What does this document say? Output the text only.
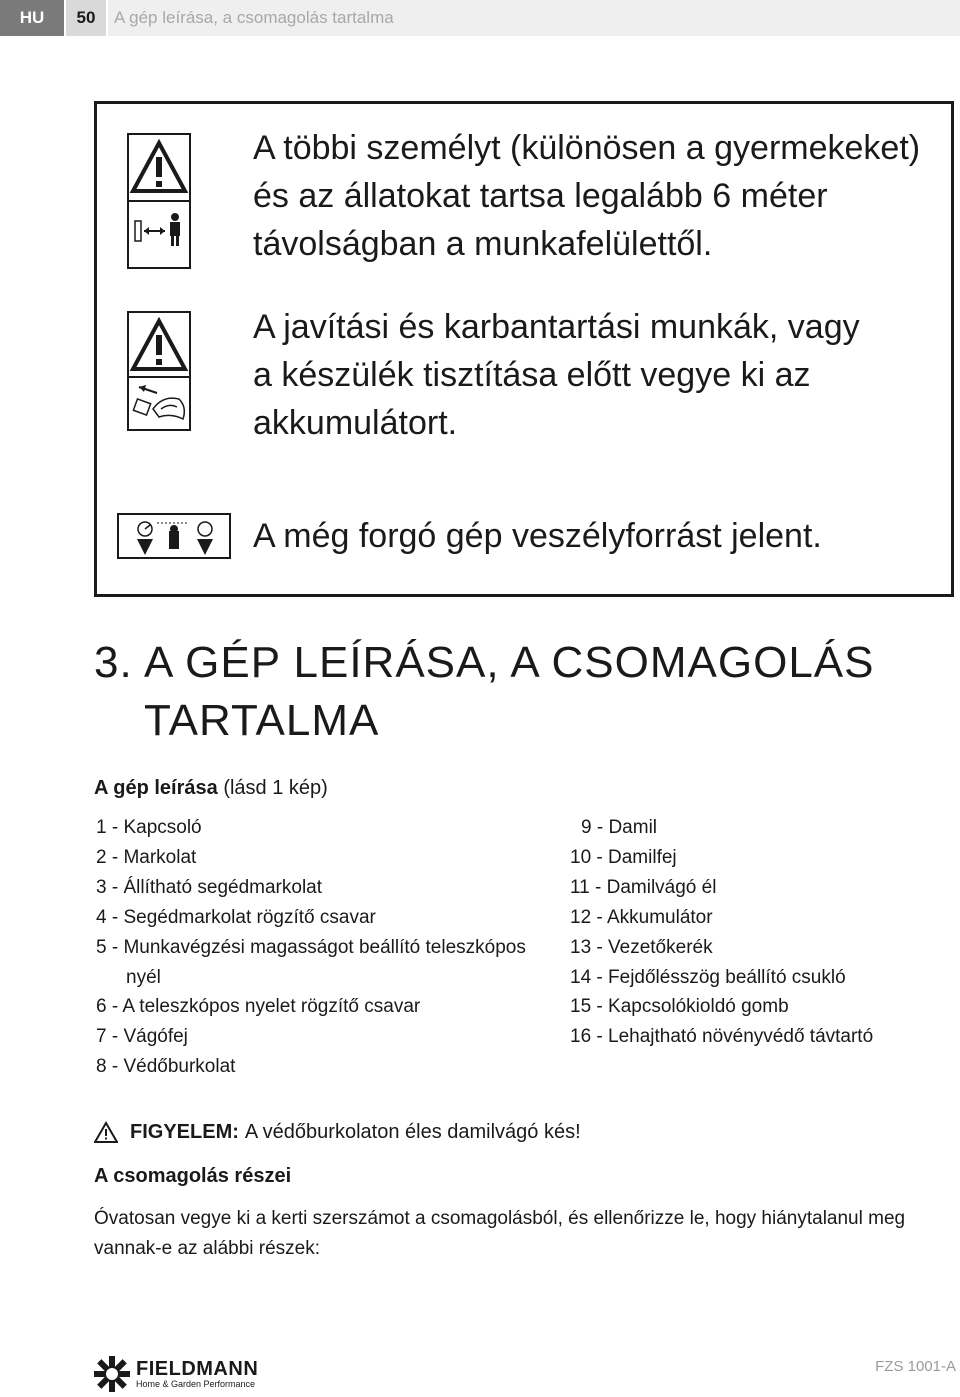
HU	50	A gép leírása, a csomagolás tartalma
A többi személyt (különösen a gyermekeket)
és az állatokat tartsa legalább 6 méter
távolságban a munkafelülettől.
A javítási és karbantartási munkák, vagy
a készülék tisztítása előtt vegye ki az
akkumulátort.
A még forgó gép veszélyforrást jelent.
3. A GÉP LEÍRÁSA, A CSOMAGOLÁS
TARTALMA
A gép leírása (lásd 1 kép)
1 - Kapcsoló
2 - Markolat
3 - Állítható segédmarkolat
4 - Segédmarkolat rögzítő csavar
5 - Munkavégzési magasságot beállító teleszkópos
nyél
6 - A teleszkópos nyelet rögzítő csavar
7 - Vágófej
8 - Védőburkolat
9 - Damil
10 - Damilfej
11 - Damilvágó él
12 - Akkumulátor
13 - Vezetőkerék
14 - Fejdőlésszög beállító csukló
15 - Kapcsolókioldó gomb
16 - Lehajtható növényvédő távtartó
FIGYELEM: A védőburkolaton éles damilvágó kés!
A csomagolás részei
Óvatosan vegye ki a kerti szerszámot a csomagolásból, és ellenőrizze le, hogy hiánytalanul meg vannak-e az alábbi részek:
FIELDMANN
Home & Garden Performance
FZS 1001-A
